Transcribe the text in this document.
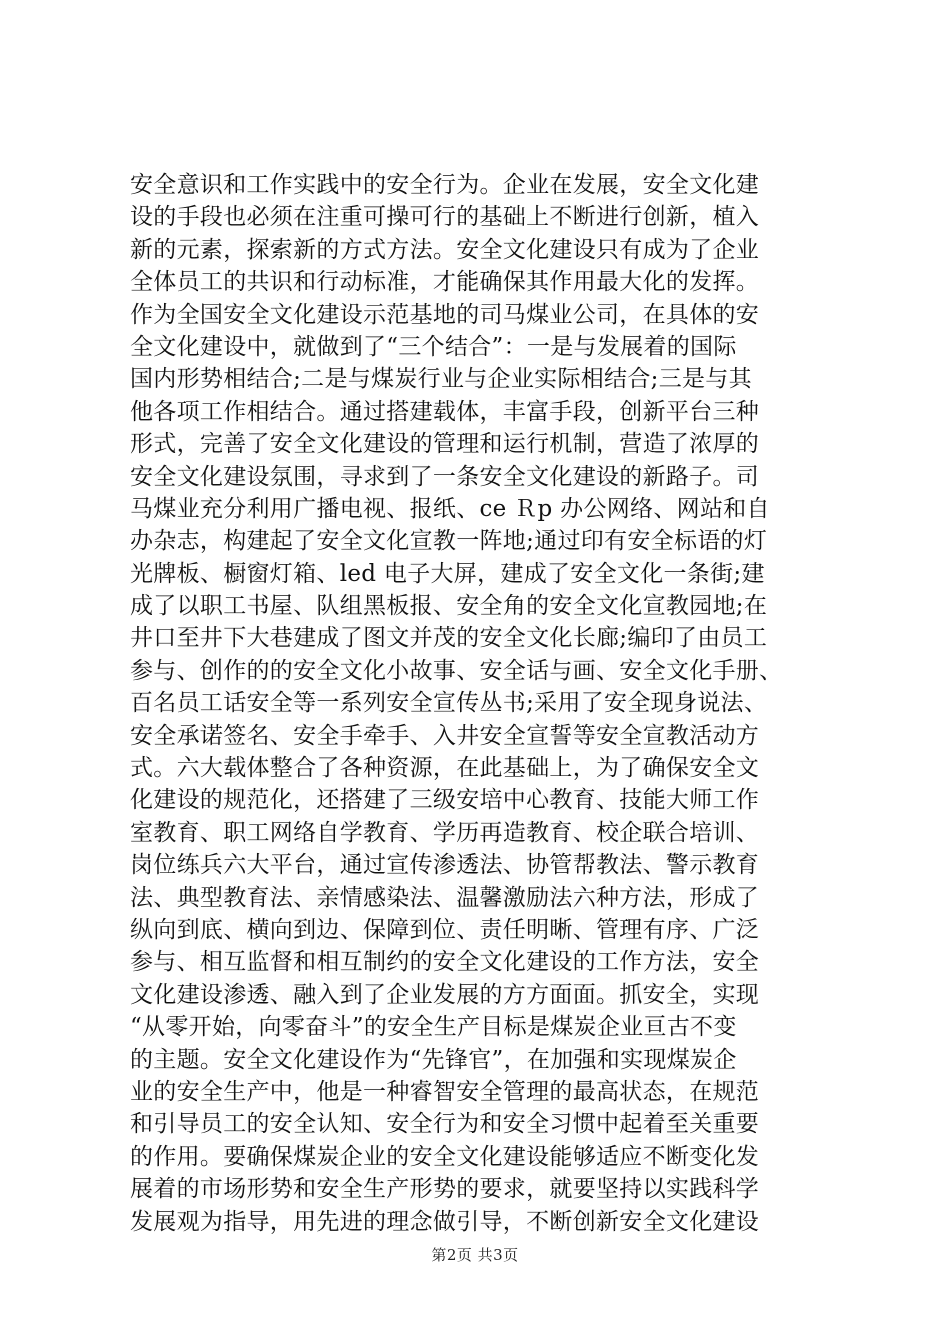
安全意识和工作实践中的安全行为。企业在发展，安全文化建
设的手段也必须在注重可操可行的基础上不断进行创新，植入
新的元素，探索新的方式方法。安全文化建设只有成为了企业
全体员工的共识和行动标准，才能确保其作用最大化的发挥。
作为全国安全文化建设示范基地的司马煤业公司，在具体的安
全文化建设中，就做到了“三个结合”：一是与发展着的国际
国内形势相结合;二是与煤炭行业与企业实际相结合;三是与其
他各项工作相结合。通过搭建载体，丰富手段，创新平台三种
形式，完善了安全文化建设的管理和运行机制，营造了浓厚的
安全文化建设氛围，寻求到了一条安全文化建设的新路子。司
马煤业充分利用广播电视、报纸、ce Ｒp 办公网络、网站和自
办杂志，构建起了安全文化宣教一阵地;通过印有安全标语的灯
光牌板、橱窗灯箱、led 电子大屏，建成了安全文化一条街;建
成了以职工书屋、队组黑板报、安全角的安全文化宣教园地;在
井口至井下大巷建成了图文并茂的安全文化长廊;编印了由员工
参与、创作的的安全文化小故事、安全话与画、安全文化手册、
百名员工话安全等一系列安全宣传丛书;采用了安全现身说法、
安全承诺签名、安全手牵手、入井安全宣誓等安全宣教活动方
式。六大载体整合了各种资源，在此基础上，为了确保安全文
化建设的规范化，还搭建了三级安培中心教育、技能大师工作
室教育、职工网络自学教育、学历再造教育、校企联合培训、
岗位练兵六大平台，通过宣传渗透法、协管帮教法、警示教育
法、典型教育法、亲情感染法、温馨激励法六种方法，形成了
纵向到底、横向到边、保障到位、责任明晰、管理有序、广泛
参与、相互监督和相互制约的安全文化建设的工作方法，安全
文化建设渗透、融入到了企业发展的方方面面。抓安全，实现
“从零开始，向零奋斗”的安全生产目标是煤炭企业亘古不变
的主题。安全文化建设作为“先锋官”，在加强和实现煤炭企
业的安全生产中，他是一种睿智安全管理的最高状态，在规范
和引导员工的安全认知、安全行为和安全习惯中起着至关重要
的作用。要确保煤炭企业的安全文化建设能够适应不断变化发
展着的市场形势和安全生产形势的要求，就要坚持以实践科学
发展观为指导，用先进的理念做引导，不断创新安全文化建设
第2页 共3页
